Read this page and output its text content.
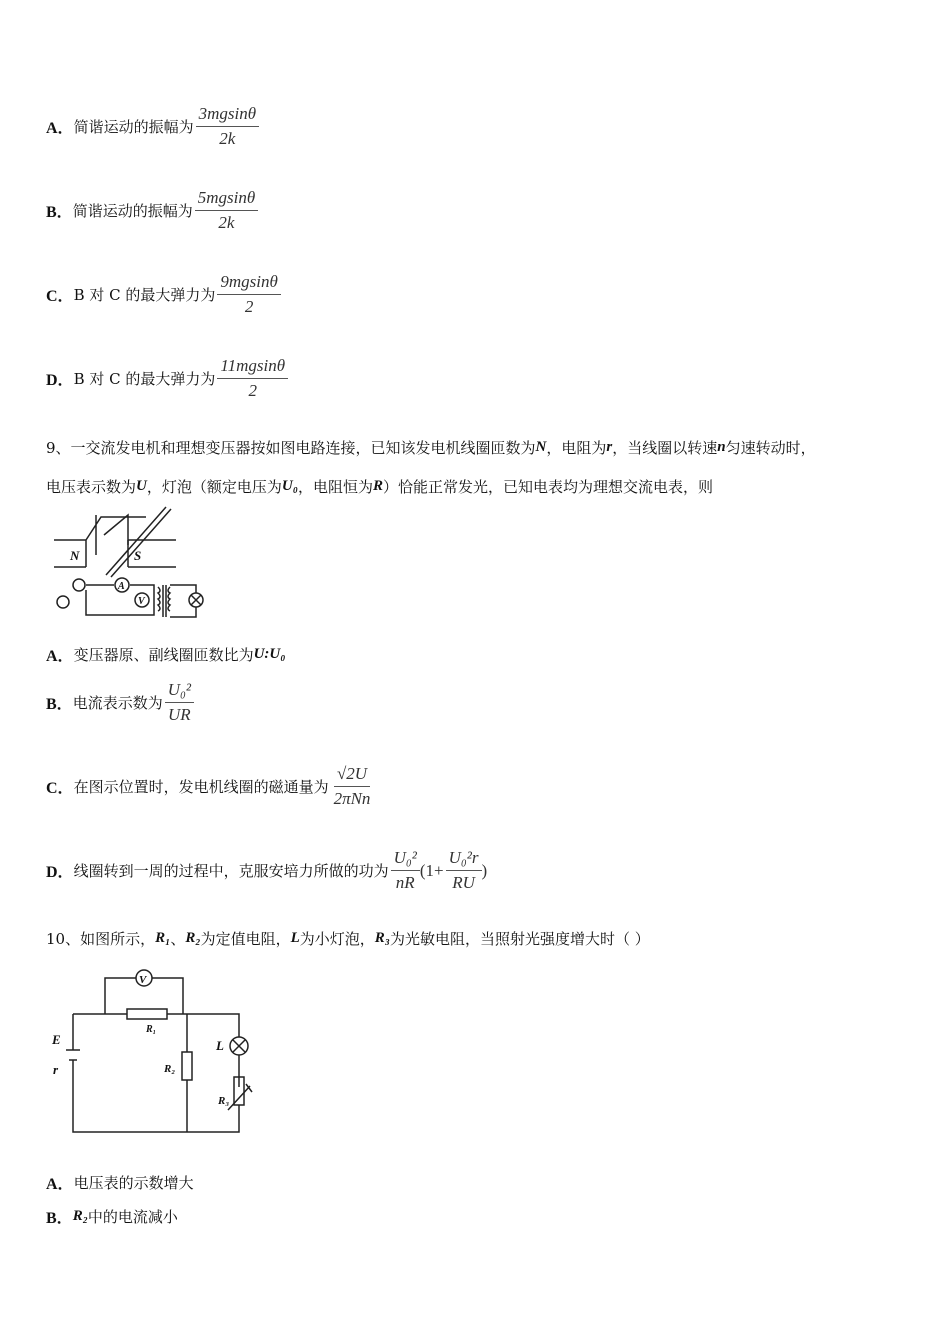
A． 简谐运动的振幅为 $\frac{3mgsin\theta}{2k}$
B． 简谐运动的振幅为 $\frac{5mgsin\theta}{2k}$
C． B 对 C 的最大弹力为 $\frac{9mgsin\theta}{2}$
D． B 对 C 的最大弹力为 $\frac{11mgsin\theta}{2}$
9、一交流发电机和理想变压器按如图电路连接，已知该发电机线圈匝数为 N ，电阻为 r ，当线圈以转速 n 匀速转动时，
电压表示数为 U ，灯泡（额定电压为 U₀ ，电阻恒为 R ）恰能正常发光，已知电表均为理想交流电表，则
N	S
A
V
A． 变压器原、副线圈匝数比为 U:U₀
B． 电流表示数为 $\frac{\text{U₀²}}{UR}$
C． 在图示位置时，发电机线圈的磁通量为 $\frac{√2U}{\text{2πNn}}$
D． 线圈转到一周的过程中，克服安培力所做的功为 $\frac{\text{U₀²}}{nR} (1+ \frac{\text{U₀²r}}{RU}$ )
10、如图所示， R₁ 、 R₂ 为定值电阻， L 为小灯泡， R₃ 为光敏电阻，当照射光强度增大时（ ）
V
R₁
E
r	R₂
L
R₃
A． 电压表的示数增大
B． R₂ 中的电流减小
